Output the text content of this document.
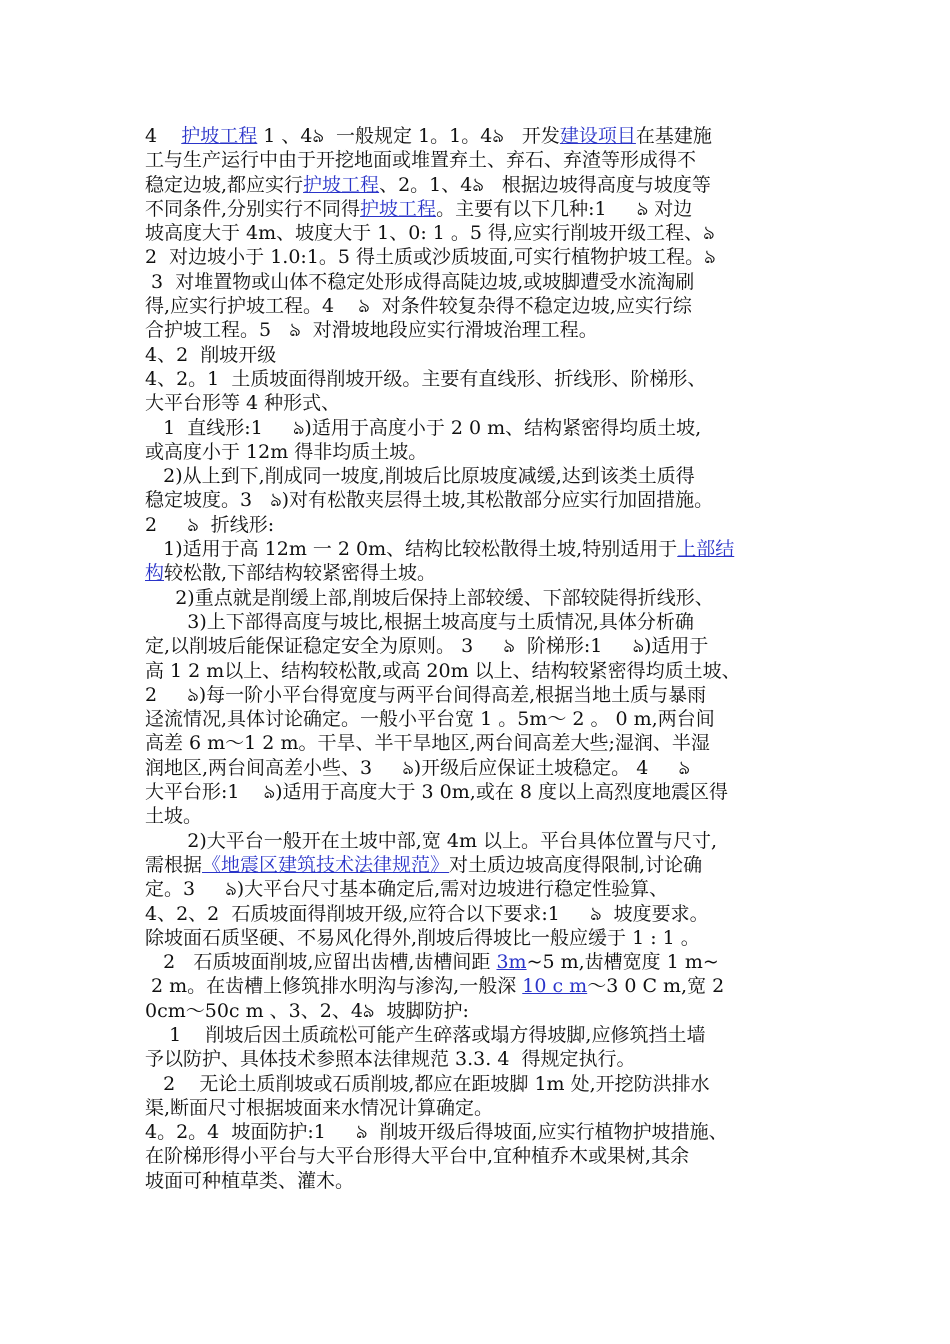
4    护坡工程 1 、4ঌ  一般规定 1。1。4ঌ   开发建设项目在基建施
工与生产运行中由于开挖地面或堆置弃土、弃石、弃渣等形成得不
稳定边坡,都应实行护坡工程、2。1、4ঌ   根据边坡得高度与坡度等
不同条件,分别实行不同得护坡工程。主要有以下几种:1     ঌ 对边
坡高度大于 4m、坡度大于 1、0: 1 。5 得,应实行削坡开级工程、ঌ
2  对边坡小于 1.0:1。5 得土质或沙质坡面,可实行植物护坡工程。ঌ
3  对堆置物或山体不稳定处形成得高陡边坡,或坡脚遭受水流淘刷
得,应实行护坡工程。4    ঌ  对条件较复杂得不稳定边坡,应实行综
合护坡工程。5   ঌ  对滑坡地段应实行滑坡治理工程。
4、2  削坡开级
4、2。1  土质坡面得削坡开级。主要有直线形、折线形、阶梯形、
大平台形等 4 种形式、
1  直线形:1     ঌ)适用于高度小于 2 0 m、结构紧密得均质土坡,
或高度小于 12m 得非均质土坡。
2)从上到下,削成同一坡度,削坡后比原坡度减缓,达到该类土质得
稳定坡度。3   ঌ)对有松散夹层得土坡,其松散部分应实行加固措施。
2     ঌ  折线形:
1)适用于高 12m 一 2 0m、结构比较松散得土坡,特别适用于上部结
构较松散,下部结构较紧密得土坡。
2)重点就是削缓上部,削坡后保持上部较缓、下部较陡得折线形、
3)上下部得高度与坡比,根据土坡高度与土质情况,具体分析确
定,以削坡后能保证稳定安全为原则。 3     ঌ  阶梯形:1     ঌ)适用于
高 1 2 m以上、结构较松散,或高 20m 以上、结构较紧密得均质土坡、
2     ঌ)每一阶小平台得宽度与两平台间得高差,根据当地土质与暴雨
迳流情况,具体讨论确定。一般小平台宽 1 。5m～ 2 。 0 m,两台间
高差 6 m～1 2 m。干旱、半干旱地区,两台间高差大些;湿润、半湿
润地区,两台间高差小些、3     ঌ)开级后应保证土坡稳定。 4     ঌ
大平台形:1    ঌ)适用于高度大于 3 0m,或在 8 度以上高烈度地震区得
土坡。
2)大平台一般开在土坡中部,宽 4m 以上。平台具体位置与尺寸,
需根据《地震区建筑技术法律规范》对土质边坡高度得限制,讨论确
定。3     ঌ)大平台尺寸基本确定后,需对边坡进行稳定性验算、
4、2、2  石质坡面得削坡开级,应符合以下要求:1     ঌ  坡度要求。
除坡面石质坚硬、不易风化得外,削坡后得坡比一般应缓于 1 : 1 。
2   石质坡面削坡,应留出齿槽,齿槽间距 3m~5 m,齿槽宽度 1 m~
2 m。在齿槽上修筑排水明沟与渗沟,一般深 10 c m～3 0 C m,宽 2
0cm～50c m 、3、2、4ঌ  坡脚防护:
1    削坡后因土质疏松可能产生碎落或塌方得坡脚,应修筑挡土墙
予以防护、具体技术参照本法律规范 3.3. 4  得规定执行。
2    无论土质削坡或石质削坡,都应在距坡脚 1m 处,开挖防洪排水
渠,断面尺寸根据坡面来水情况计算确定。
4。2。4  坡面防护:1     ঌ  削坡开级后得坡面,应实行植物护坡措施、
在阶梯形得小平台与大平台形得大平台中,宜种植乔木或果树,其余
坡面可种植草类、灌木。
